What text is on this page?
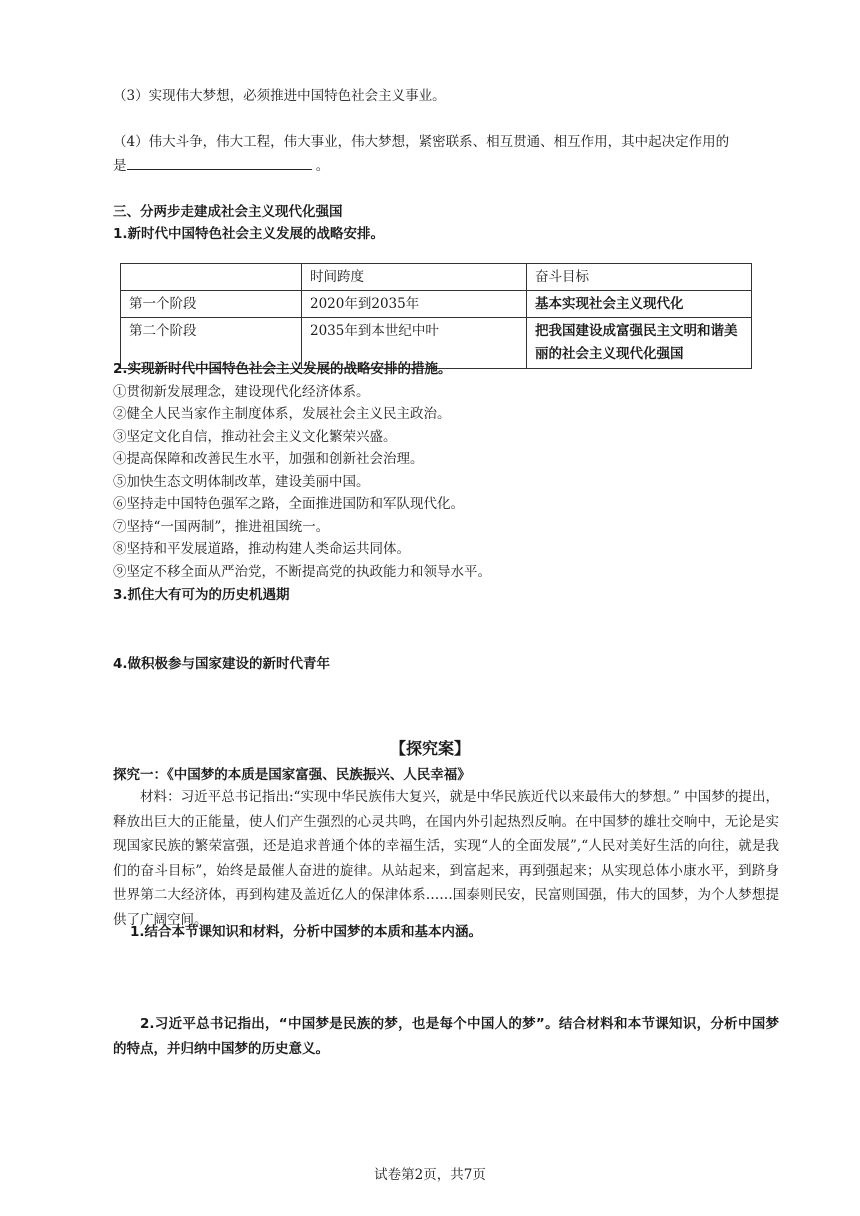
（3）实现伟大梦想，必须推进中国特色社会主义事业。
（4）伟大斗争，伟大工程，伟大事业，伟大梦想，紧密联系、相互贯通、相互作用，其中起决定作用的
是	。
三、分两步走建成社会主义现代化强国
1.新时代中国特色社会主义发展的战略安排。
	时间跨度	奋斗目标
第一个阶段	2020年到2035年	基本实现社会主义现代化
第二个阶段	2035年到本世纪中叶	把我国建设成富强民主文明和谐美丽的社会主义现代化强国
2.实现新时代中国特色社会主义发展的战略安排的措施。
①贯彻新发展理念，建设现代化经济体系。
②健全人民当家作主制度体系，发展社会主义民主政治。
③坚定文化自信，推动社会主义文化繁荣兴盛。
④提高保障和改善民生水平，加强和创新社会治理。
⑤加快生态文明体制改革，建设美丽中国。
⑥坚持走中国特色强军之路，全面推进国防和军队现代化。
⑦坚持“一国两制”，推进祖国统一。
⑧坚持和平发展道路，推动构建人类命运共同体。
⑨坚定不移全面从严治党，不断提高党的执政能力和领导水平。
3.抓住大有可为的历史机遇期
4.做积极参与国家建设的新时代青年
【探究案】
探究一：《中国梦的本质是国家富强、民族振兴、人民幸福》
材料：习近平总书记指出:“实现中华民族伟大复兴，就是中华民族近代以来最伟大的梦想。” 中国梦的提出，释放出巨大的正能量，使人们产生强烈的心灵共鸣，在国内外引起热烈反响。在中国梦的雄壮交响中，无论是实现国家民族的繁荣富强，还是追求普通个体的幸福生活，实现“人的全面发展”,“人民对美好生活的向往，就是我们的奋斗目标”，始终是最催人奋进的旋律。从站起来，到富起来，再到强起来；从实现总体小康水平，到跻身世界第二大经济体，再到构建及盖近亿人的保津体系……国泰则民安，民富则国强，伟大的国梦，为个人梦想提供了广阔空间。
1.结合本节课知识和材料，分析中国梦的本质和基本内涵。
2.习近平总书记指出，“中国梦是民族的梦，也是每个中国人的梦”。结合材料和本节课知识，分析中国梦的特点，并归纳中国梦的历史意义。
试卷第2页，共7页
